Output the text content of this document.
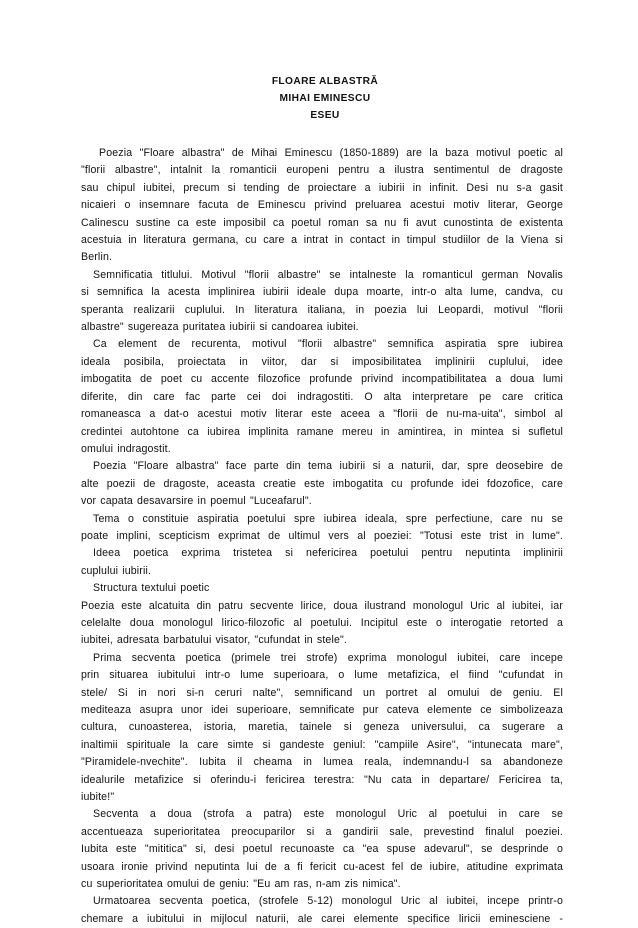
FLOARE ALBASTRĂ
MIHAI EMINESCU
ESEU
Poezia "Floare albastra" de Mihai Eminescu (1850-1889) are la baza motivul poetic al
"florii albastre", intalnit la romanticii europeni pentru a ilustra sentimentul de dragoste
sau chipul iubitei, precum si tending de proiectare a iubirii in infinit. Desi nu s-a gasit
nicaieri o insemnare facuta de Eminescu privind preluarea acestui motiv literar, George
Calinescu sustine ca este imposibil ca poetul roman sa nu fi avut cunostinta de existenta
acestuia in literatura germana, cu care a intrat in contact in timpul studiilor de la Viena si
Berlin.
Semnificatia titlului. Motivul "florii albastre" se intalneste la romanticul german Novalis
si semnifica la acesta implinirea iubirii ideale dupa moarte, intr-o alta lume, candva, cu
speranta realizarii cuplului. In literatura italiana, in poezia lui Leopardi, motivul "florii
albastre" sugereaza puritatea iubirii si candoarea iubitei.
Ca element de recurenta, motivul "florii albastre" semnifica aspiratia spre iubirea
ideala posibila, proiectata in viitor, dar si imposibilitatea implinirii cuplului, idee
imbogatita de poet cu accente filozofice profunde privind incompatibilitatea a doua lumi
diferite, din care fac parte cei doi indragostiti. O alta interpretare pe care critica
romaneasca a dat-o acestui motiv literar este aceea a "florii de nu-ma-uita", simbol al
credintei autohtone ca iubirea implinita ramane mereu in amintirea, in mintea si sufletul
omului indragostit.
Poezia "Floare albastra" face parte din tema iubirii si a naturii, dar, spre deosebire de
alte poezii de dragoste, aceasta creatie este imbogatita cu profunde idei fdozofice, care
vor capata desavarsire in poemul "Luceafarul".
Tema o constituie aspiratia poetului spre iubirea ideala, spre perfectiune, care nu se
poate implini, scepticism exprimat de ultimul vers al poeziei: "Totusi este trist in lume".
Ideea poetica exprima tristetea si nefericirea poetului pentru neputinta implinirii
cuplului iubirii.
Structura textului poetic
Poezia este alcatuita din patru secvente lirice, doua ilustrand monologul Uric al iubitei, iar
celelalte doua monologul lirico-filozofic al poetului. Incipitul este o interogatie retorted a
iubitei, adresata barbatului visator, "cufundat in stele".
Prima secventa poetica (primele trei strofe) exprima monologul iubitei, care incepe
prin situarea iubitului intr-o lume superioara, o lume metafizica, el fiind "cufundat in
stele/ Si in nori si-n ceruri nalte", semnificand un portret al omului de geniu. El
mediteaza asupra unor idei superioare, semnificate pur cateva elemente ce simbolizeaza
cultura, cunoasterea, istoria, maretia, tainele si geneza universului, ca sugerare a
inaltimii spirituale la care simte si gandeste geniul: "campiile Asire", "intunecata mare",
"Piramidele-nvechite". Iubita il cheama in lumea reala, indemnandu-l sa abandoneze
idealurile metafizice si oferindu-i fericirea terestra: "Nu cata in departare/ Fericirea ta,
iubite!"
Secventa a doua (strofa a patra) este monologul Uric al poetului in care se
accentueaza superioritatea preocuparilor si a gandirii sale, prevestind finalul poeziei.
Iubita este "mititica" si, desi poetul recunoaste ca "ea spuse adevarul", se desprinde o
usoara ironie privind neputinta lui de a fi fericit cu-acest fel de iubire, atitudine exprimata
cu superioritatea omului de geniu: "Eu am ras, n-am zis nimica".
Urmatoarea secventa poetica, (strofele 5-12) monologul Uric al iubitei, incepe printr-o
chemare a iubitului in mijlocul naturii, ale carei elemente specifice liricii eminesciene -
